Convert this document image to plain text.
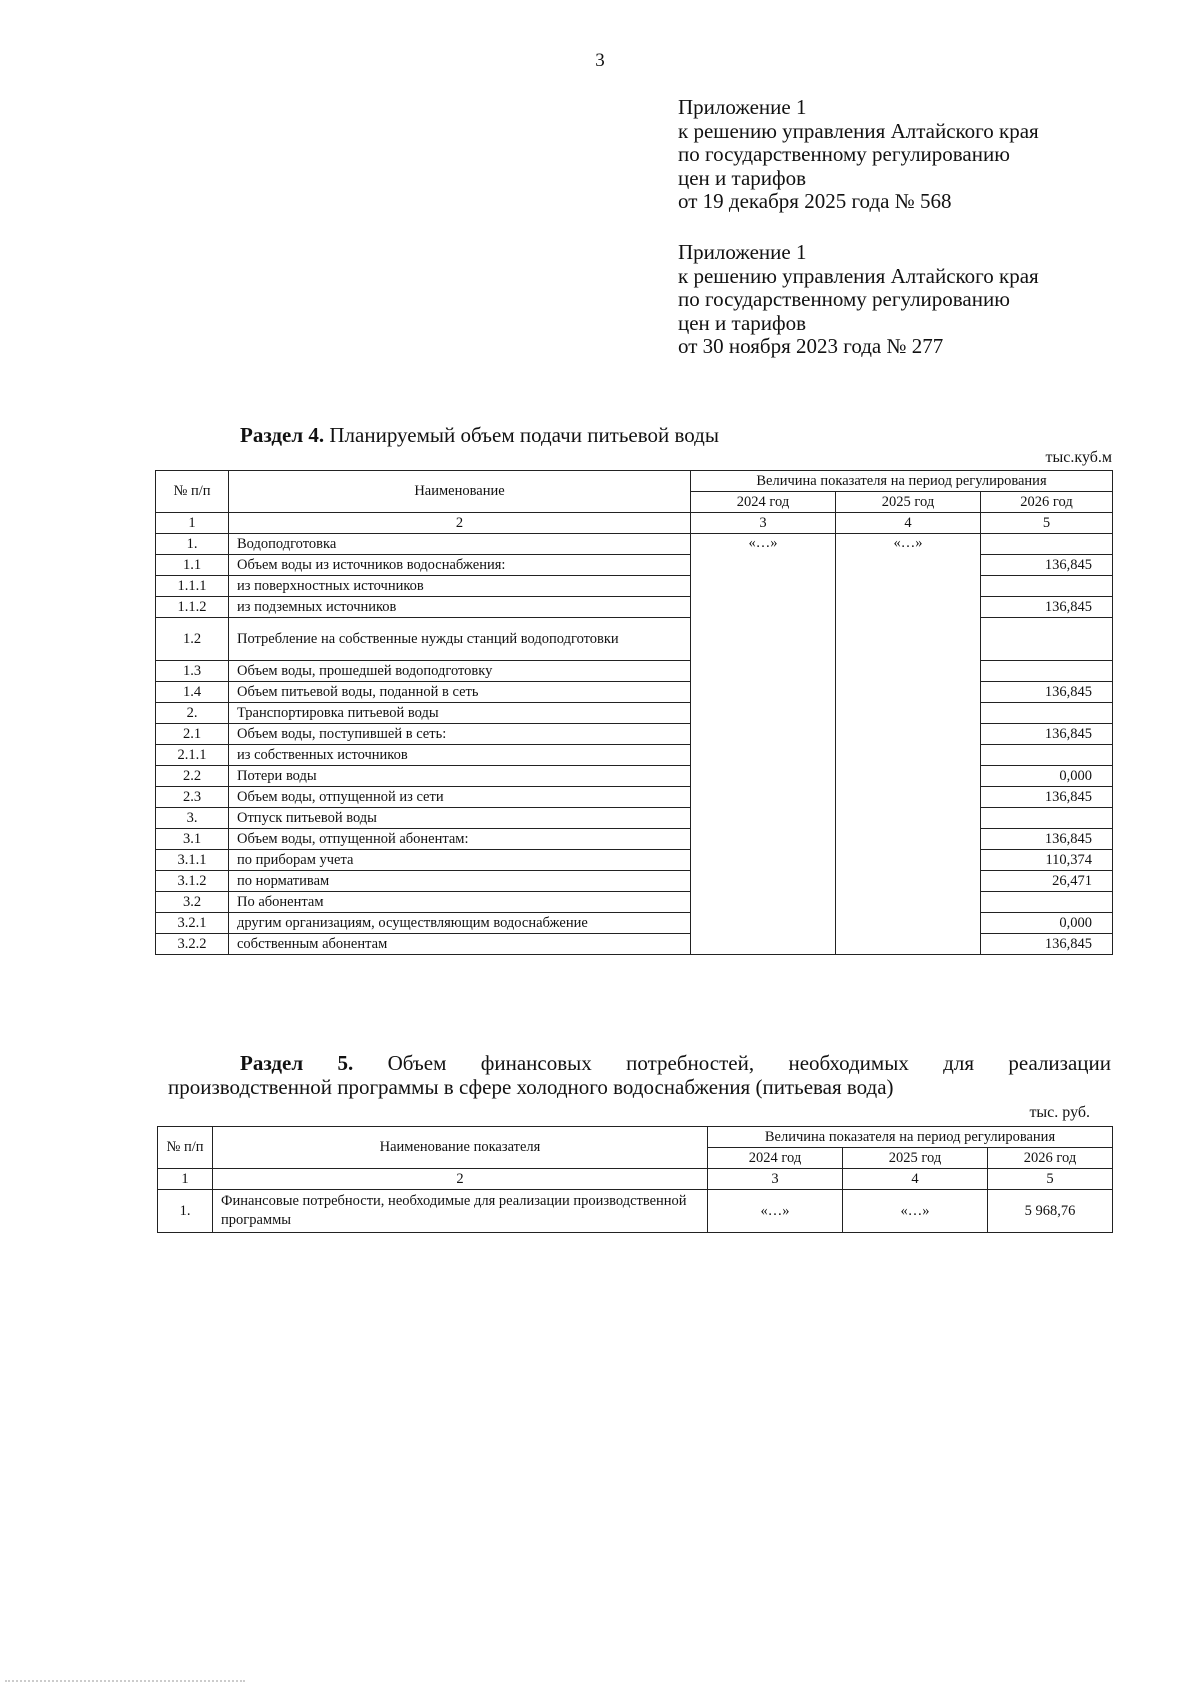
3
Приложение 1
к решению управления Алтайского края
по государственному регулированию
цен и тарифов
от 19 декабря 2025 года № 568
Приложение 1
к решению управления Алтайского края
по государственному регулированию
цен и тарифов
от 30 ноября 2023 года № 277
Раздел 4. Планируемый объем подачи питьевой воды
тыс.куб.м
№ п/п	Наименование	Величина показателя на период регулирования		
		2024 год	2025 год	2026 год
1	2	3	4	5
1.	Водоподготовка	«…»	«…»	
1.1	Объем воды из источников водоснабжения:			136,845
1.1.1	из поверхностных источников			
1.1.2	из подземных источников			136,845
1.2	Потребление на собственные нужды станций водоподготовки			
1.3	Объем воды, прошедшей водоподготовку			
1.4	Объем питьевой воды, поданной в сеть			136,845
2.	Транспортировка питьевой воды			
2.1	Объем воды, поступившей в сеть:			136,845
2.1.1	из собственных источников			
2.2	Потери воды			0,000
2.3	Объем воды, отпущенной из сети			136,845
3.	Отпуск питьевой воды			
3.1	Объем воды, отпущенной абонентам:			136,845
3.1.1	по приборам учета			110,374
3.1.2	по нормативам			26,471
3.2	По абонентам			
3.2.1	другим организациям, осуществляющим водоснабжение			0,000
3.2.2	собственным абонентам			136,845
Раздел 5. Объем финансовых потребностей, необходимых для реализации
производственной программы в сфере холодного водоснабжения (питьевая вода)
тыс. руб.
№ п/п	Наименование показателя	Величина показателя на период регулирования		
		2024 год	2025 год	2026 год
1	2	3	4	5
1.	Финансовые потребности, необходимые для реализации производственной программы	«…»	«…»	5 968,76
